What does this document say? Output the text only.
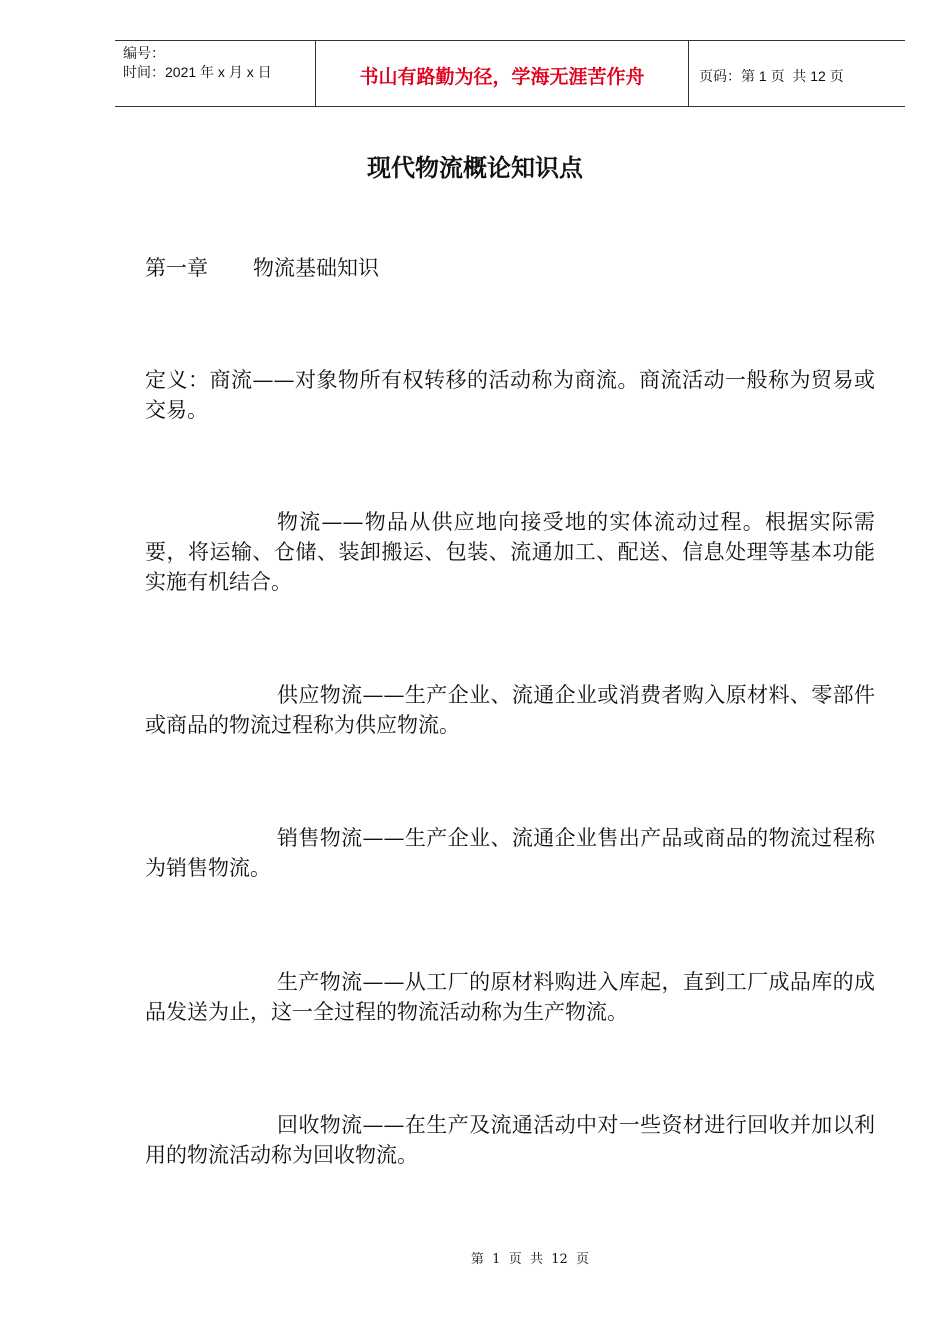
编号：
时间：2021 年 x 月 x 日	书山有路勤为径，学海无涯苦作舟	页码：第 1 页  共 12 页
现代物流概论知识点
第一章	物流基础知识

定义：商流——对象物所有权转移的活动称为商流。商流活动一般称为贸易或交易。

物流——物品从供应地向接受地的实体流动过程。根据实际需要，将运输、仓储、装卸搬运、包装、流通加工、配送、信息处理等基本功能实施有机结合。

供应物流——生产企业、流通企业或消费者购入原材料、零部件或商品的物流过程称为供应物流。

销售物流——生产企业、流通企业售出产品或商品的物流过程称为销售物流。

生产物流——从工厂的原材料购进入库起，直到工厂成品库的成品发送为止，这一全过程的物流活动称为生产物流。

回收物流——在生产及流通活动中对一些资材进行回收并加以利用的物流活动称为回收物流。

第  1  页  共  12  页
